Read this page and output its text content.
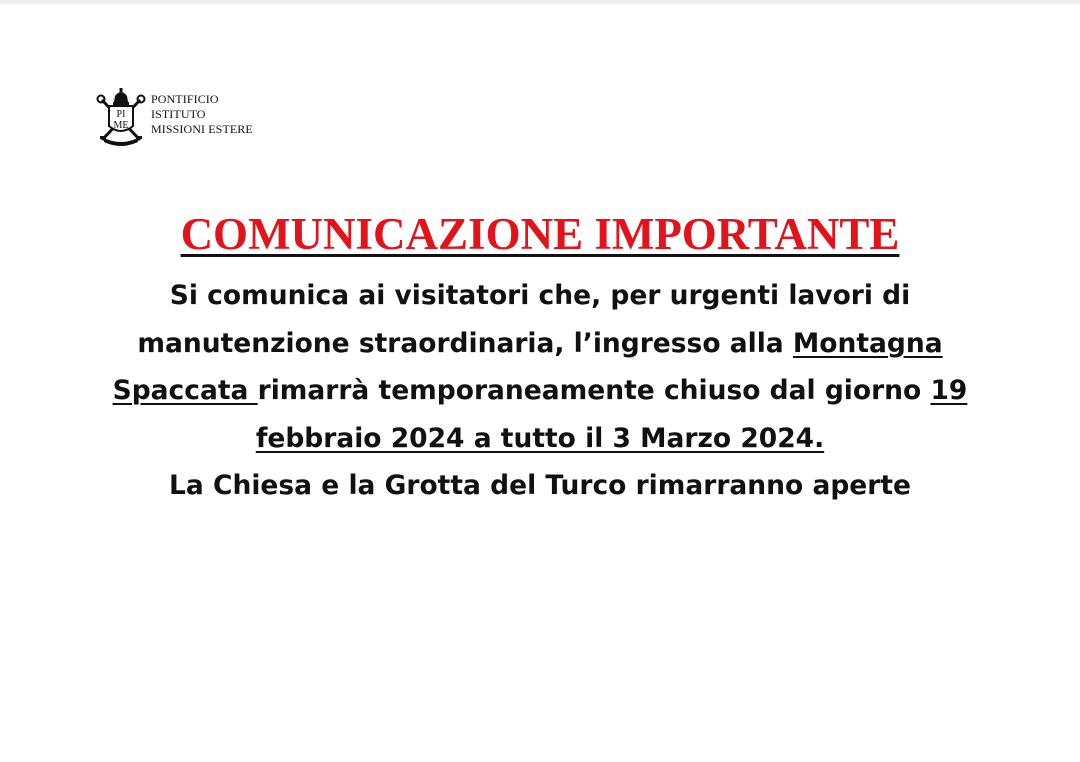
PI
ME
PONTIFICIO
ISTITUTO
MISSIONI ESTERE
COMUNICAZIONE IMPORTANTE
Si comunica ai visitatori che, per urgenti lavori di
manutenzione straordinaria, l’ingresso alla Montagna
Spaccata rimarrà temporaneamente chiuso dal giorno 19
febbraio 2024 a tutto il 3 Marzo 2024.
La Chiesa e la Grotta del Turco rimarranno aperte
